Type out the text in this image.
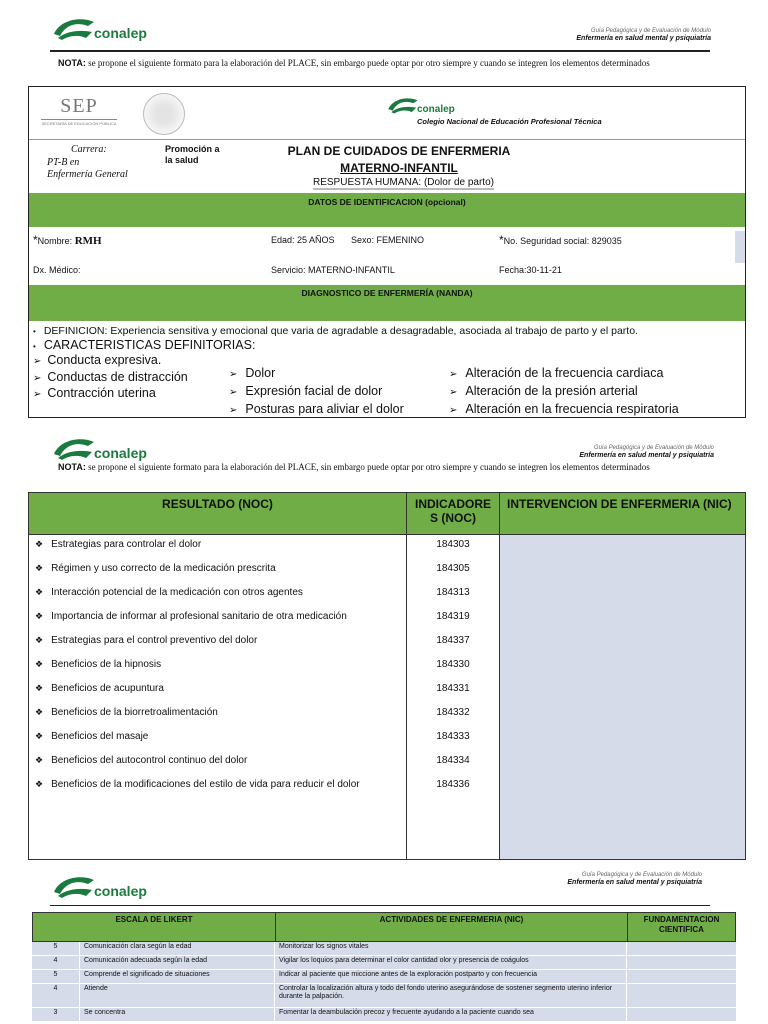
conalep	Guía Pedagógica y de Evaluación de Módulo
Enfermería en salud mental y psiquiatría
NOTA: se propone el siguiente formato para la elaboración del PLACE, sin embargo puede optar por otro siempre y cuando se integren los elementos determinados
SEP
SECRETARÍA DE EDUCACIÓN PÚBLICA
conalep
Colegio Nacional de Educación Profesional Técnica
Carrera:
PT-B en
Enfermería General
Promoción a
la salud
PLAN DE CUIDADOS DE ENFERMERIA
MATERNO-INFANTIL
RESPUESTA HUMANA: (Dolor de parto)
DATOS DE IDENTIFICACION (opcional)
*Nombre: RMH	Edad: 25 AÑOS Sexo: FEMENINO	*No. Seguridad social: 829035
Dx. Médico:	Servicio: MATERNO-INFANTIL	Fecha:30-11-21
DIAGNOSTICO DE ENFERMERÍA (NANDA)
• DEFINICION: Experiencia sensitiva y emocional que varia de agradable a desagradable, asociada al trabajo de parto y el parto.
• CARACTERISTICAS DEFINITORIAS:
➢ Conducta expresiva.
➢ Conductas de distracción
➢ Contracción uterina
➢ Dolor
➢ Expresión facial de dolor
➢ Posturas para aliviar el dolor
➢ Alteración de la frecuencia cardiaca
➢ Alteración de la presión arterial
➢ Alteración en la frecuencia respiratoria
conalep	Guía Pedagógica y de Evaluación de Módulo
Enfermería en salud mental y psiquiatría
NOTA: se propone el siguiente formato para la elaboración del PLACE, sin embargo puede optar por otro siempre y cuando se integren los elementos determinados
RESULTADO (NOC)	INDICADORE
S (NOC)
INTERVENCION DE ENFERMERIA (NIC)
❖ Estrategias para controlar el dolor	184303
❖ Régimen y uso correcto de la medicación prescrita	184305
❖ Interacción potencial de la medicación con otros agentes	184313
❖ Importancia de informar al profesional sanitario de otra medicación	184319
❖ Estrategias para el control preventivo del dolor	184337
❖ Beneficios de la hipnosis	184330
❖ Beneficios de acupuntura	184331
❖ Beneficios de la biorretroalimentación	184332
❖ Beneficios del masaje	184333
❖ Beneficios del autocontrol continuo del dolor	184334
❖ Beneficios de la modificaciones del estilo de vida para reducir el dolor	184336
conalep
Guía Pedagógica y de Evaluación de Módulo
Enfermería en salud mental y psiquiatría
ESCALA DE LIKERT	ACTIVIDADES DE ENFERMERIA (NIC)	FUNDAMENTACION
CIENTIFICA
5	Comunicación clara según la edad	Monitorizar los signos vitales
4	Comunicación adecuada según la edad	Vigilar los loquios para determinar el color cantidad olor y presencia de coágulos
5	Comprende el significado de situaciones	Indicar al paciente que miccione antes de la exploración postparto y con frecuencia
4	Atiende	Controlar la localización altura y todo del fondo uterino asegurándose de sostener segmento uterino inferior durante la palpación.
3	Se concentra	Fomentar la deambulación precoz y frecuente ayudando a la paciente cuando sea
